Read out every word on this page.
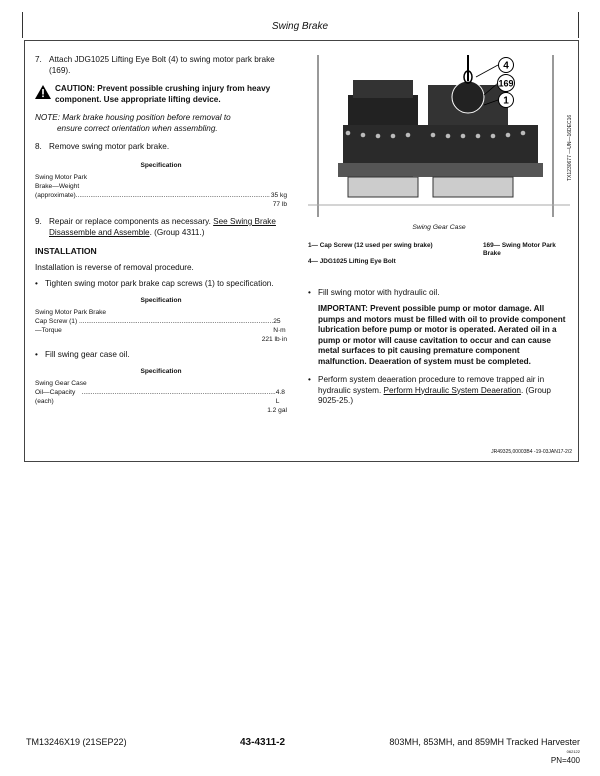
Swing Brake
7. Attach JDG1025 Lifting Eye Bolt (4) to swing motor park brake (169).
CAUTION: Prevent possible crushing injury from heavy component. Use appropriate lifting device.
NOTE: Mark brake housing position before removal to
ensure correct orientation when assembling.
8. Remove swing motor park brake.
Specification
Swing Motor Park
Brake—Weight
(approximate) .......................................................................................................... 35 kg
77 lb
9. Repair or replace components as necessary. See Swing Brake Disassemble and Assemble. (Group 4311.)
INSTALLATION
Installation is reverse of removal procedure.
• Tighten swing motor park brake cap screws (1) to specification.
Specification
Swing Motor Park Brake
Cap Screw (1)—Torque
.......................................................................................................... 25 N·m
221 lb·in
• Fill swing gear case oil.
Specification
Swing Gear Case
Oil—Capacity (each)
.......................................................................................................... 4.8 L
1.2 gal
4
169
1
Swing Gear Case
1— Cap Screw (12 used per swing brake)	169— Swing Motor Park Brake
4— JDG1025 Lifting Eye Bolt
• Fill swing motor with hydraulic oil.
IMPORTANT: Prevent possible pump or motor damage. All pumps and motors must be filled with oil to provide component lubrication before pump or motor is operated. Aerated oil in a pump or motor will cause cavitation to occur and can cause metal surfaces to pit causing premature component malfunction. Deaeration of system must be completed.
• Perform system deaeration procedure to remove trapped air in hydraulic system. Perform Hydraulic System Deaeration. (Group 9025-25.)
TX1230677 —UN—16DEC16
JR49325,00003B4 -19-03JAN17-2/2
TM13246X19 (21SEP22)	43-4311-2	803MH, 853MH, and 859MH Tracked Harvester
062122
PN=400
